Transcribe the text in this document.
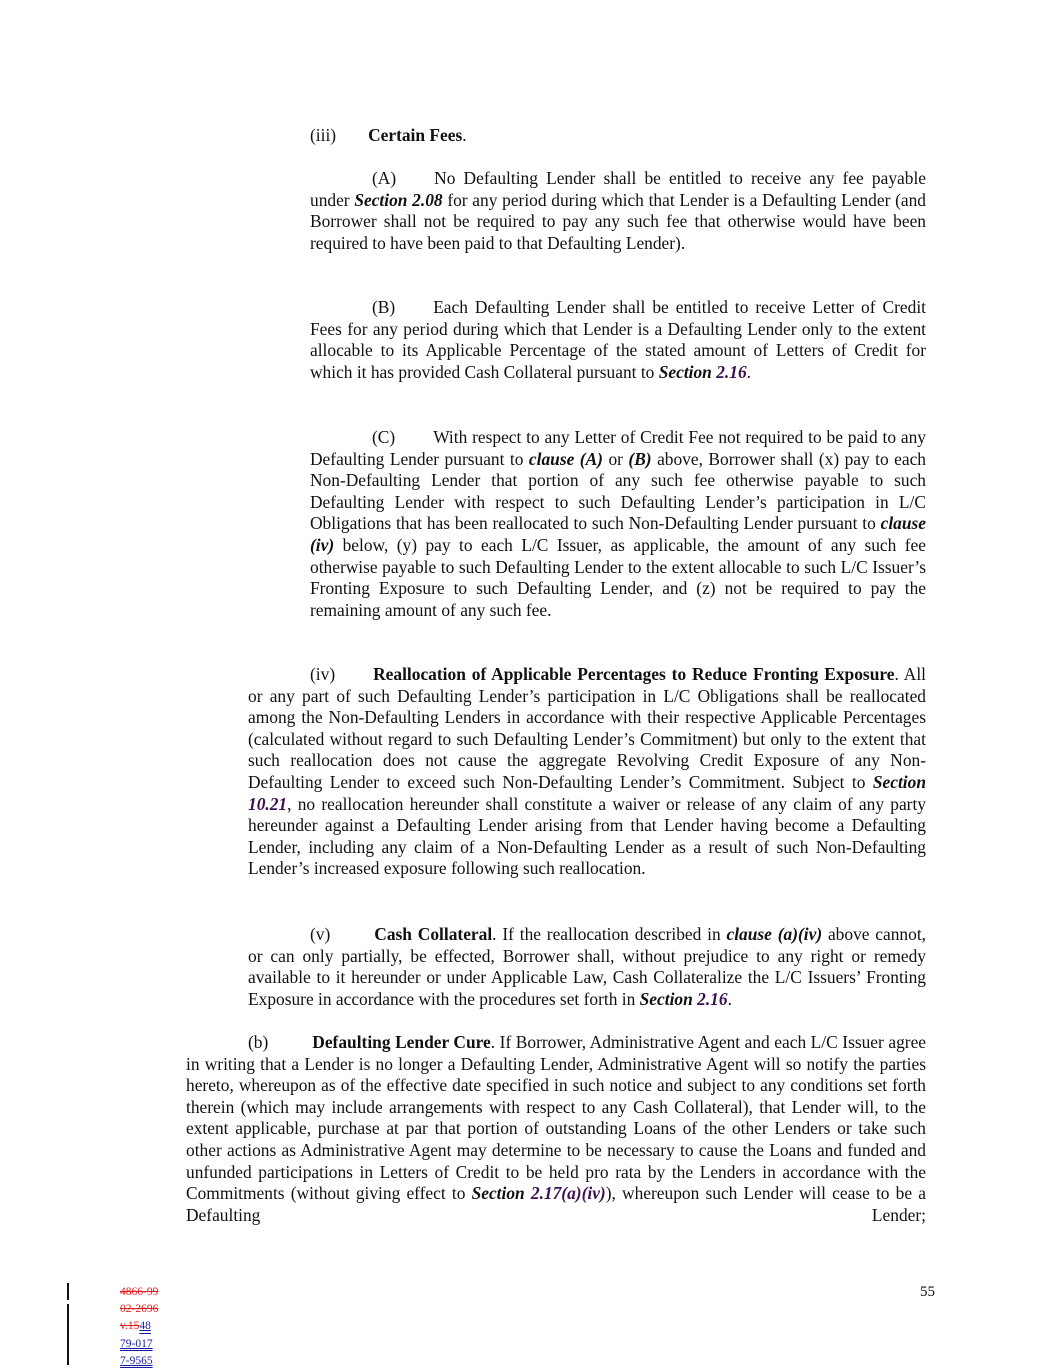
(iii) Certain Fees.

(A) No Defaulting Lender shall be entitled to receive any fee payable under Section 2.08 for any period during which that Lender is a Defaulting Lender (and Borrower shall not be required to pay any such fee that otherwise would have been required to have been paid to that Defaulting Lender).

(B) Each Defaulting Lender shall be entitled to receive Letter of Credit Fees for any period during which that Lender is a Defaulting Lender only to the extent allocable to its Applicable Percentage of the stated amount of Letters of Credit for which it has provided Cash Collateral pursuant to Section 2.16.

(C) With respect to any Letter of Credit Fee not required to be paid to any Defaulting Lender pursuant to clause (A) or (B) above, Borrower shall (x) pay to each Non-Defaulting Lender that portion of any such fee otherwise payable to such Defaulting Lender with respect to such Defaulting Lender’s participation in L/C Obligations that has been reallocated to such Non-Defaulting Lender pursuant to clause (iv) below, (y) pay to each L/C Issuer, as applicable, the amount of any such fee otherwise payable to such Defaulting Lender to the extent allocable to such L/C Issuer’s Fronting Exposure to such Defaulting Lender, and (z) not be required to pay the remaining amount of any such fee.

(iv) Reallocation of Applicable Percentages to Reduce Fronting Exposure. All or any part of such Defaulting Lender’s participation in L/C Obligations shall be reallocated among the Non-Defaulting Lenders in accordance with their respective Applicable Percentages (calculated without regard to such Defaulting Lender’s Commitment) but only to the extent that such reallocation does not cause the aggregate Revolving Credit Exposure of any Non-Defaulting Lender to exceed such Non-Defaulting Lender’s Commitment. Subject to Section 10.21, no reallocation hereunder shall constitute a waiver or release of any claim of any party hereunder against a Defaulting Lender arising from that Lender having become a Defaulting Lender, including any claim of a Non-Defaulting Lender as a result of such Non-Defaulting Lender’s increased exposure following such reallocation.

(v)	Cash Collateral. If the reallocation described in clause (a)(iv) above cannot, or can only partially, be effected, Borrower shall, without prejudice to any right or remedy available to it hereunder or under Applicable Law, Cash Collateralize the L/C Issuers’ Fronting Exposure in accordance with the procedures set forth in Section 2.16.

(b)	Defaulting Lender Cure. If Borrower, Administrative Agent and each L/C Issuer agree in writing that a Lender is no longer a Defaulting Lender, Administrative Agent will so notify the parties hereto, whereupon as of the effective date specified in such notice and subject to any conditions set forth therein (which may include arrangements with respect to any Cash Collateral), that Lender will, to the extent applicable, purchase at par that portion of outstanding Loans of the other Lenders or take such other actions as Administrative Agent may determine to be necessary to cause the Loans and funded and unfunded participations in Letters of Credit to be held pro rata by the Lenders in accordance with the Commitments (without giving effect to Section 2.17(a)(iv)), whereupon such Lender will cease to be a Defaulting Lender;

4866-99
02-2696
v.1548
79-017
7-9565
55
